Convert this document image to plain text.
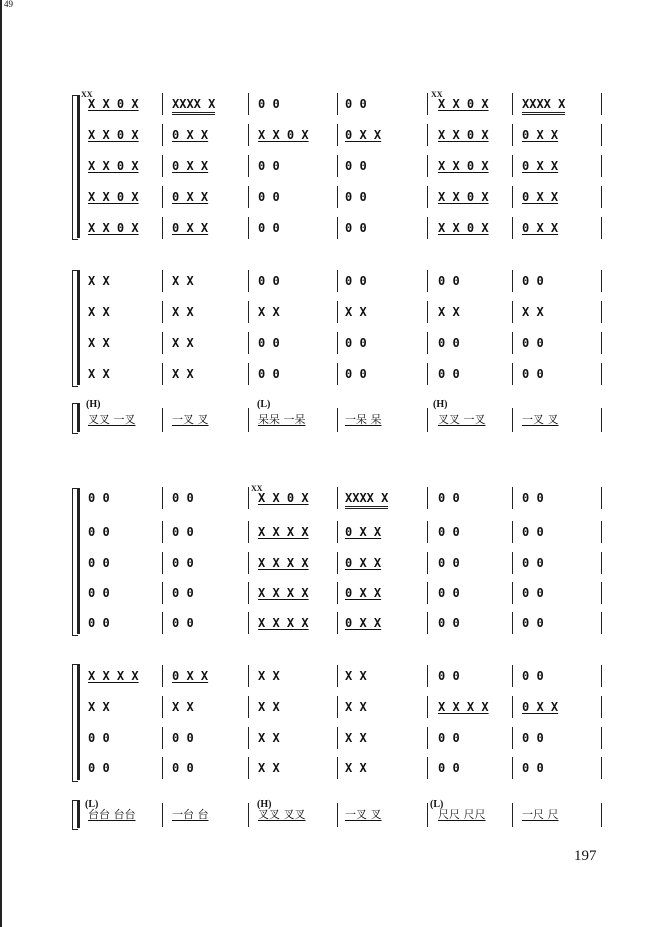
49
197
X X 0 X	XXXX X	0 0	0 0	X X 0 X	XXXX X
X X 0 X	0 X X	X X 0 X	0 X X	X X 0 X	0 X X
X X 0 X	0 X X	0 0	0 0	X X 0 X	0 X X
X X 0 X	0 X X	0 0	0 0	X X 0 X	0 X X
X X 0 X	0 X X	0 0	0 0	X X 0 X	0 X X
X X	X X	0 0	0 0	0 0	0 0
X X	X X	X X	X X	X X	X X
X X	X X	0 0	0 0	0 0	0 0
X X	X X	0 0	0 0	0 0	0 0
叉叉 一叉	一叉 叉	呆呆 一呆	一呆 呆	叉叉 一叉	一叉 叉
(H)	(L)	(H)
XX	XX
0 0	0 0	X X 0 X	XXXX X	0 0	0 0
0 0	0 0	X X X X	0 X X	0 0	0 0
0 0	0 0	X X X X	0 X X	0 0	0 0
0 0	0 0	X X X X	0 X X	0 0	0 0
0 0	0 0	X X X X	0 X X	0 0	0 0
X X X X	0 X X	X X	X X	0 0	0 0
X X	X X	X X	X X	X X X X	0 X X
0 0	0 0	X X	X X	0 0	0 0
0 0	0 0	X X	X X	0 0	0 0
台台 台台	一台 台	叉叉 叉叉	一叉 叉	尺尺 尺尺	一尺 尺
(L)	(H)	(L)
XX
